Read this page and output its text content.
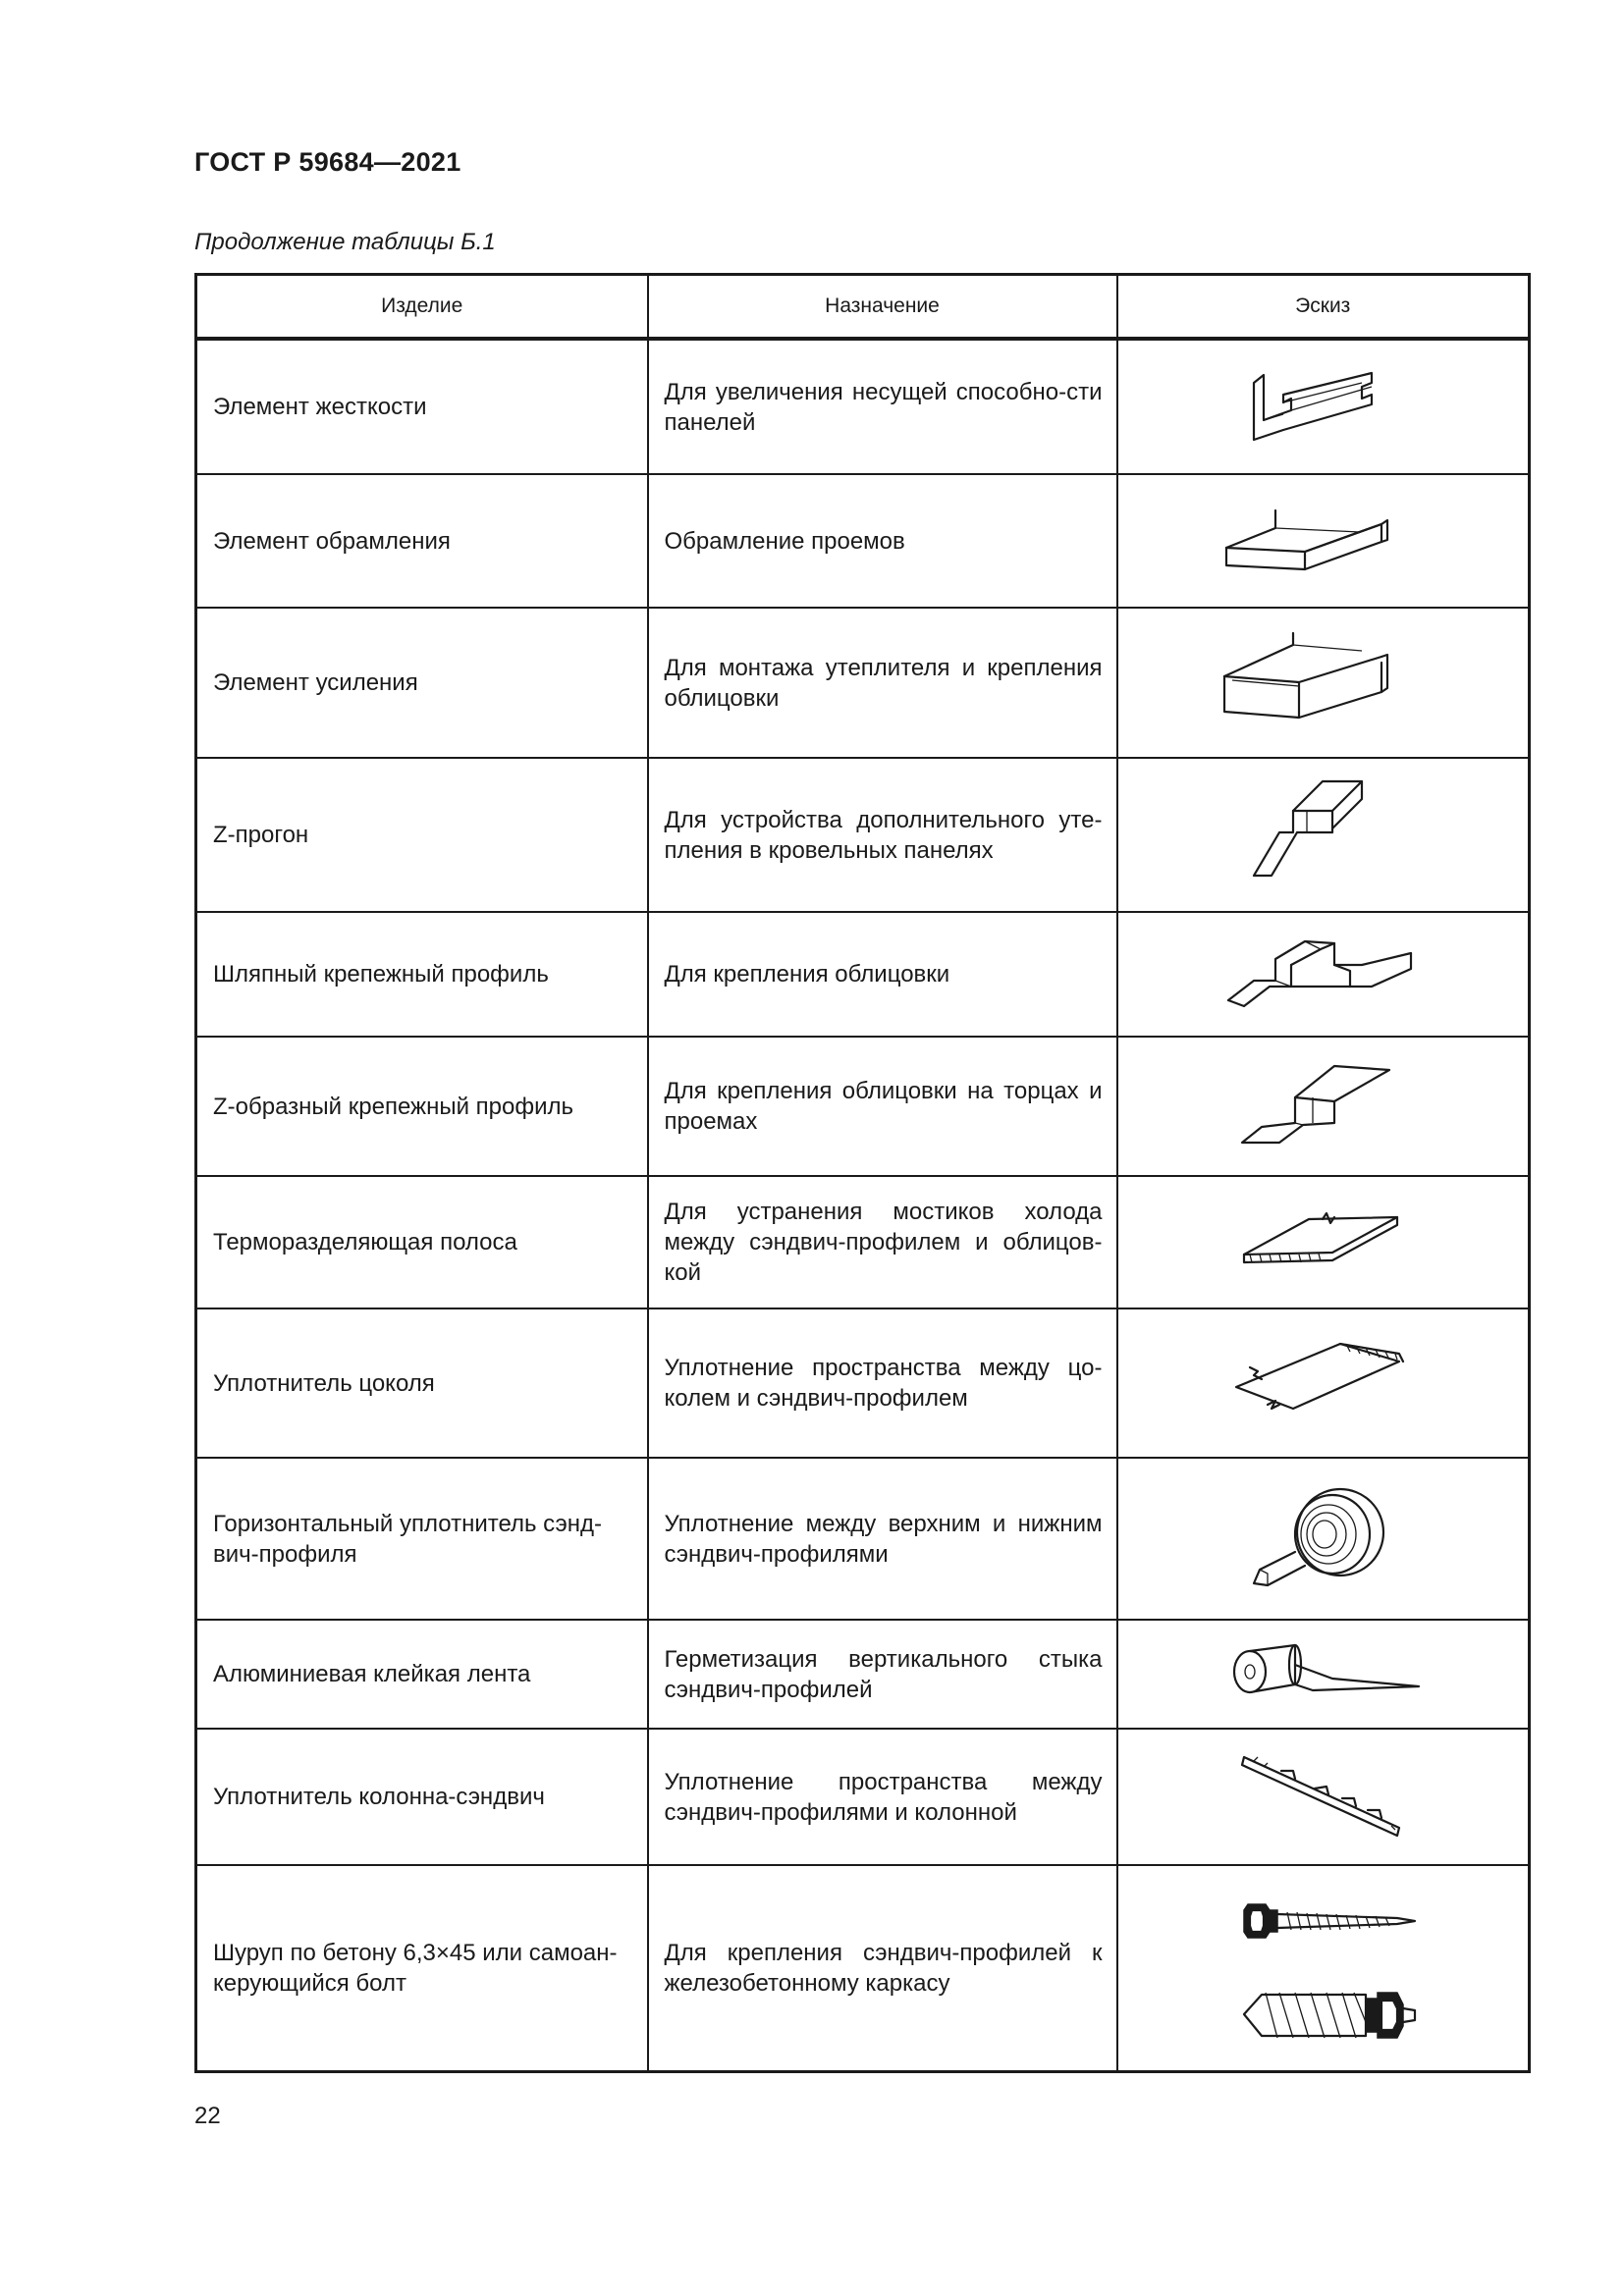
ГОСТ Р 59684—2021
Продолжение таблицы Б.1
Изделие	Назначение	Эскиз
Элемент жесткости	Для увеличения несущей способно-сти панелей	

Элемент обрамления	Обрамление проемов	

Элемент усиления	Для монтажа утеплителя и крепления облицовки	

Z-прогон	Для устройства дополнительного уте-пления в кровельных панелях	

Шляпный крепежный профиль	Для крепления облицовки	

Z-образный крепежный профиль	Для крепления облицовки на торцах и проемах	

Терморазделяющая полоса	Для устранения мостиков холода между сэндвич-профилем и облицов-кой	

Уплотнитель цоколя	Уплотнение пространства между цо-колем и сэндвич-профилем	

Горизонтальный уплотнитель сэнд-вич-профиля	Уплотнение между верхним и нижним сэндвич-профилями	

Алюминиевая клейкая лента	Герметизация вертикального стыка сэндвич-профилей	

Уплотнитель колонна-сэндвич	Уплотнение пространства между сэндвич-профилями и колонной	

Шуруп по бетону 6,3×45 или самоан-керующийся болт	Для крепления сэндвич-профилей к железобетонному каркасу	
22
